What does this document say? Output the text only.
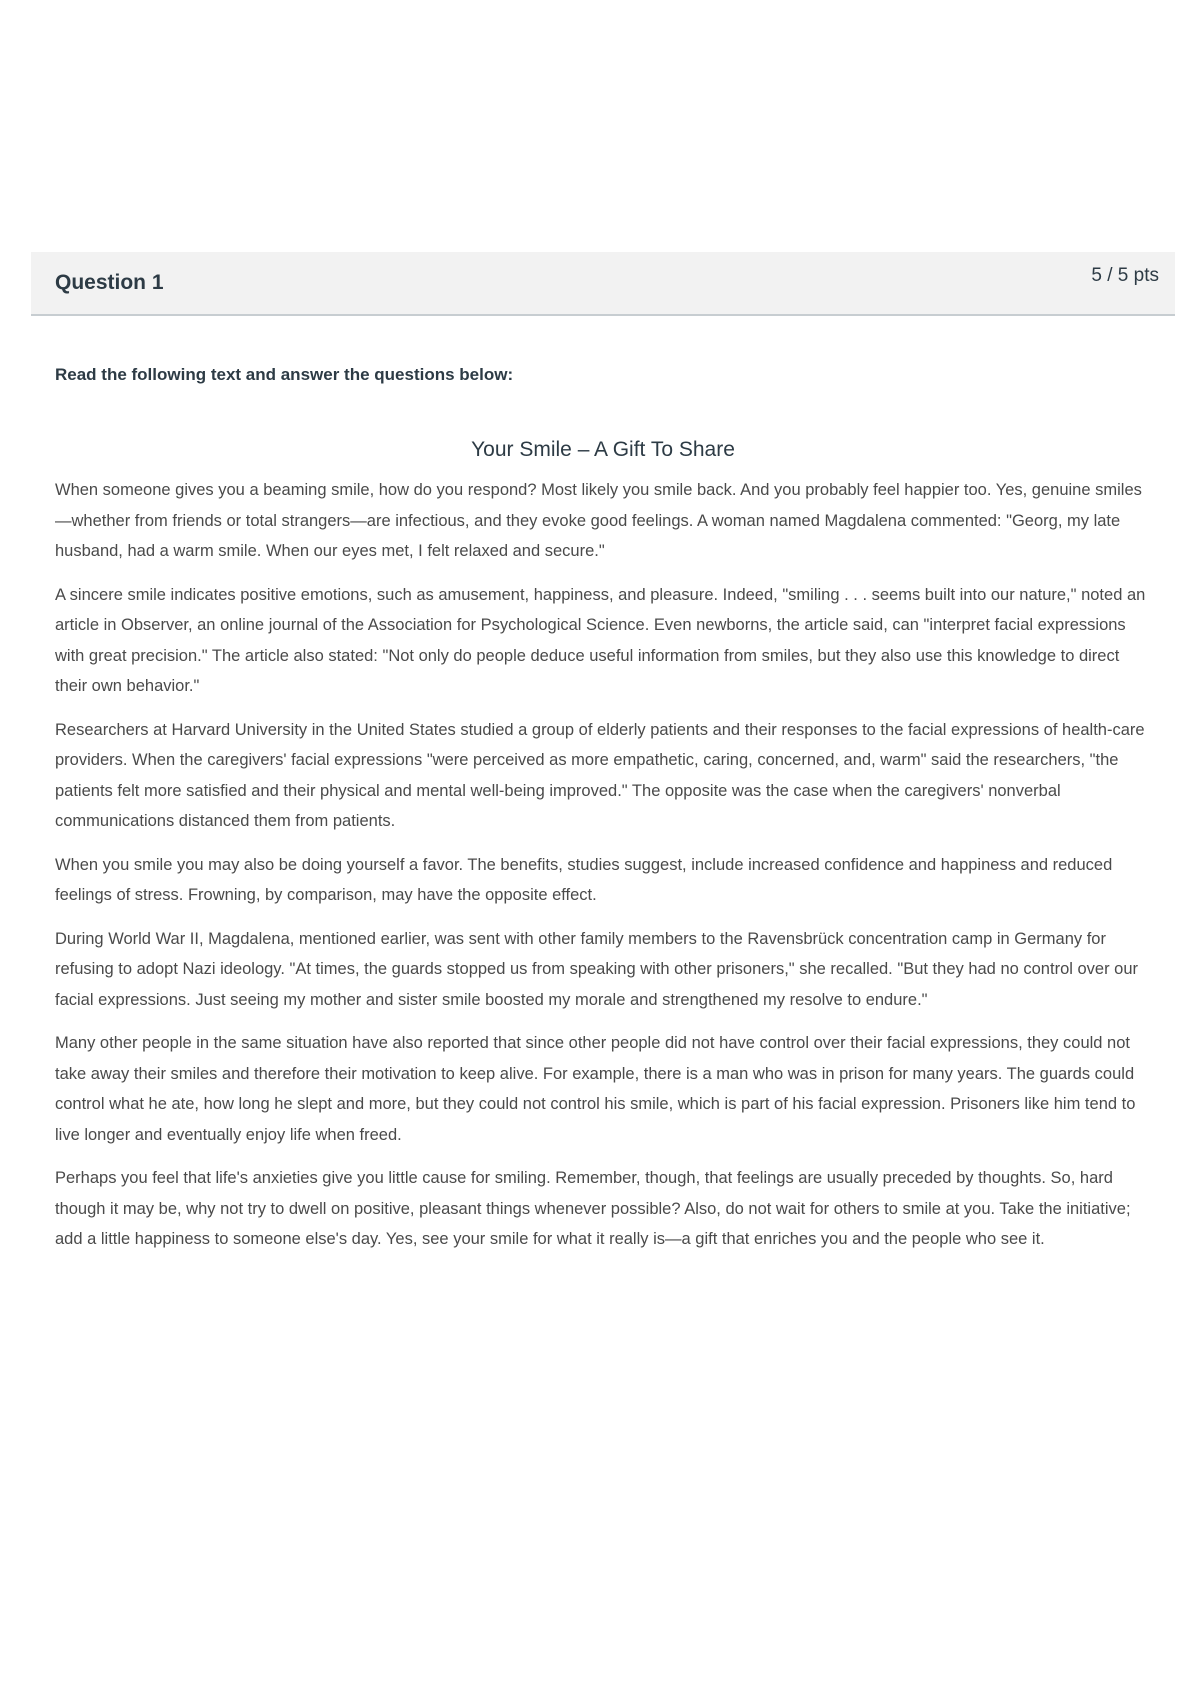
Question 1	5 / 5 pts

Read the following text and answer the questions below:

Your Smile – A Gift To Share

When someone gives you a beaming smile, how do you respond? Most likely you smile back. And you probably feel happier too. Yes, genuine smiles—whether from friends or total strangers—are infectious, and they evoke good feelings. A woman named Magdalena commented: "Georg, my late husband, had a warm smile. When our eyes met, I felt relaxed and secure."

A sincere smile indicates positive emotions, such as amusement, happiness, and pleasure. Indeed, "smiling . . . seems built into our nature," noted an article in Observer, an online journal of the Association for Psychological Science. Even newborns, the article said, can "interpret facial expressions with great precision." The article also stated: "Not only do people deduce useful information from smiles, but they also use this knowledge to direct their own behavior."

Researchers at Harvard University in the United States studied a group of elderly patients and their responses to the facial expressions of health-care providers. When the caregivers' facial expressions "were perceived as more empathetic, caring, concerned, and, warm" said the researchers, "the patients felt more satisfied and their physical and mental well-being improved." The opposite was the case when the caregivers' nonverbal communications distanced them from patients.

When you smile you may also be doing yourself a favor. The benefits, studies suggest, include increased confidence and happiness and reduced feelings of stress. Frowning, by comparison, may have the opposite effect.

During World War II, Magdalena, mentioned earlier, was sent with other family members to the Ravensbrück concentration camp in Germany for refusing to adopt Nazi ideology. "At times, the guards stopped us from speaking with other prisoners," she recalled. "But they had no control over our facial expressions. Just seeing my mother and sister smile boosted my morale and strengthened my resolve to endure."

Many other people in the same situation have also reported that since other people did not have control over their facial expressions, they could not take away their smiles and therefore their motivation to keep alive. For example, there is a man who was in prison for many years. The guards could control what he ate, how long he slept and more, but they could not control his smile, which is part of his facial expression. Prisoners like him tend to live longer and eventually enjoy life when freed.

Perhaps you feel that life's anxieties give you little cause for smiling. Remember, though, that feelings are usually preceded by thoughts. So, hard though it may be, why not try to dwell on positive, pleasant things whenever possible? Also, do not wait for others to smile at you. Take the initiative; add a little happiness to someone else's day. Yes, see your smile for what it really is—a gift that enriches you and the people who see it.
